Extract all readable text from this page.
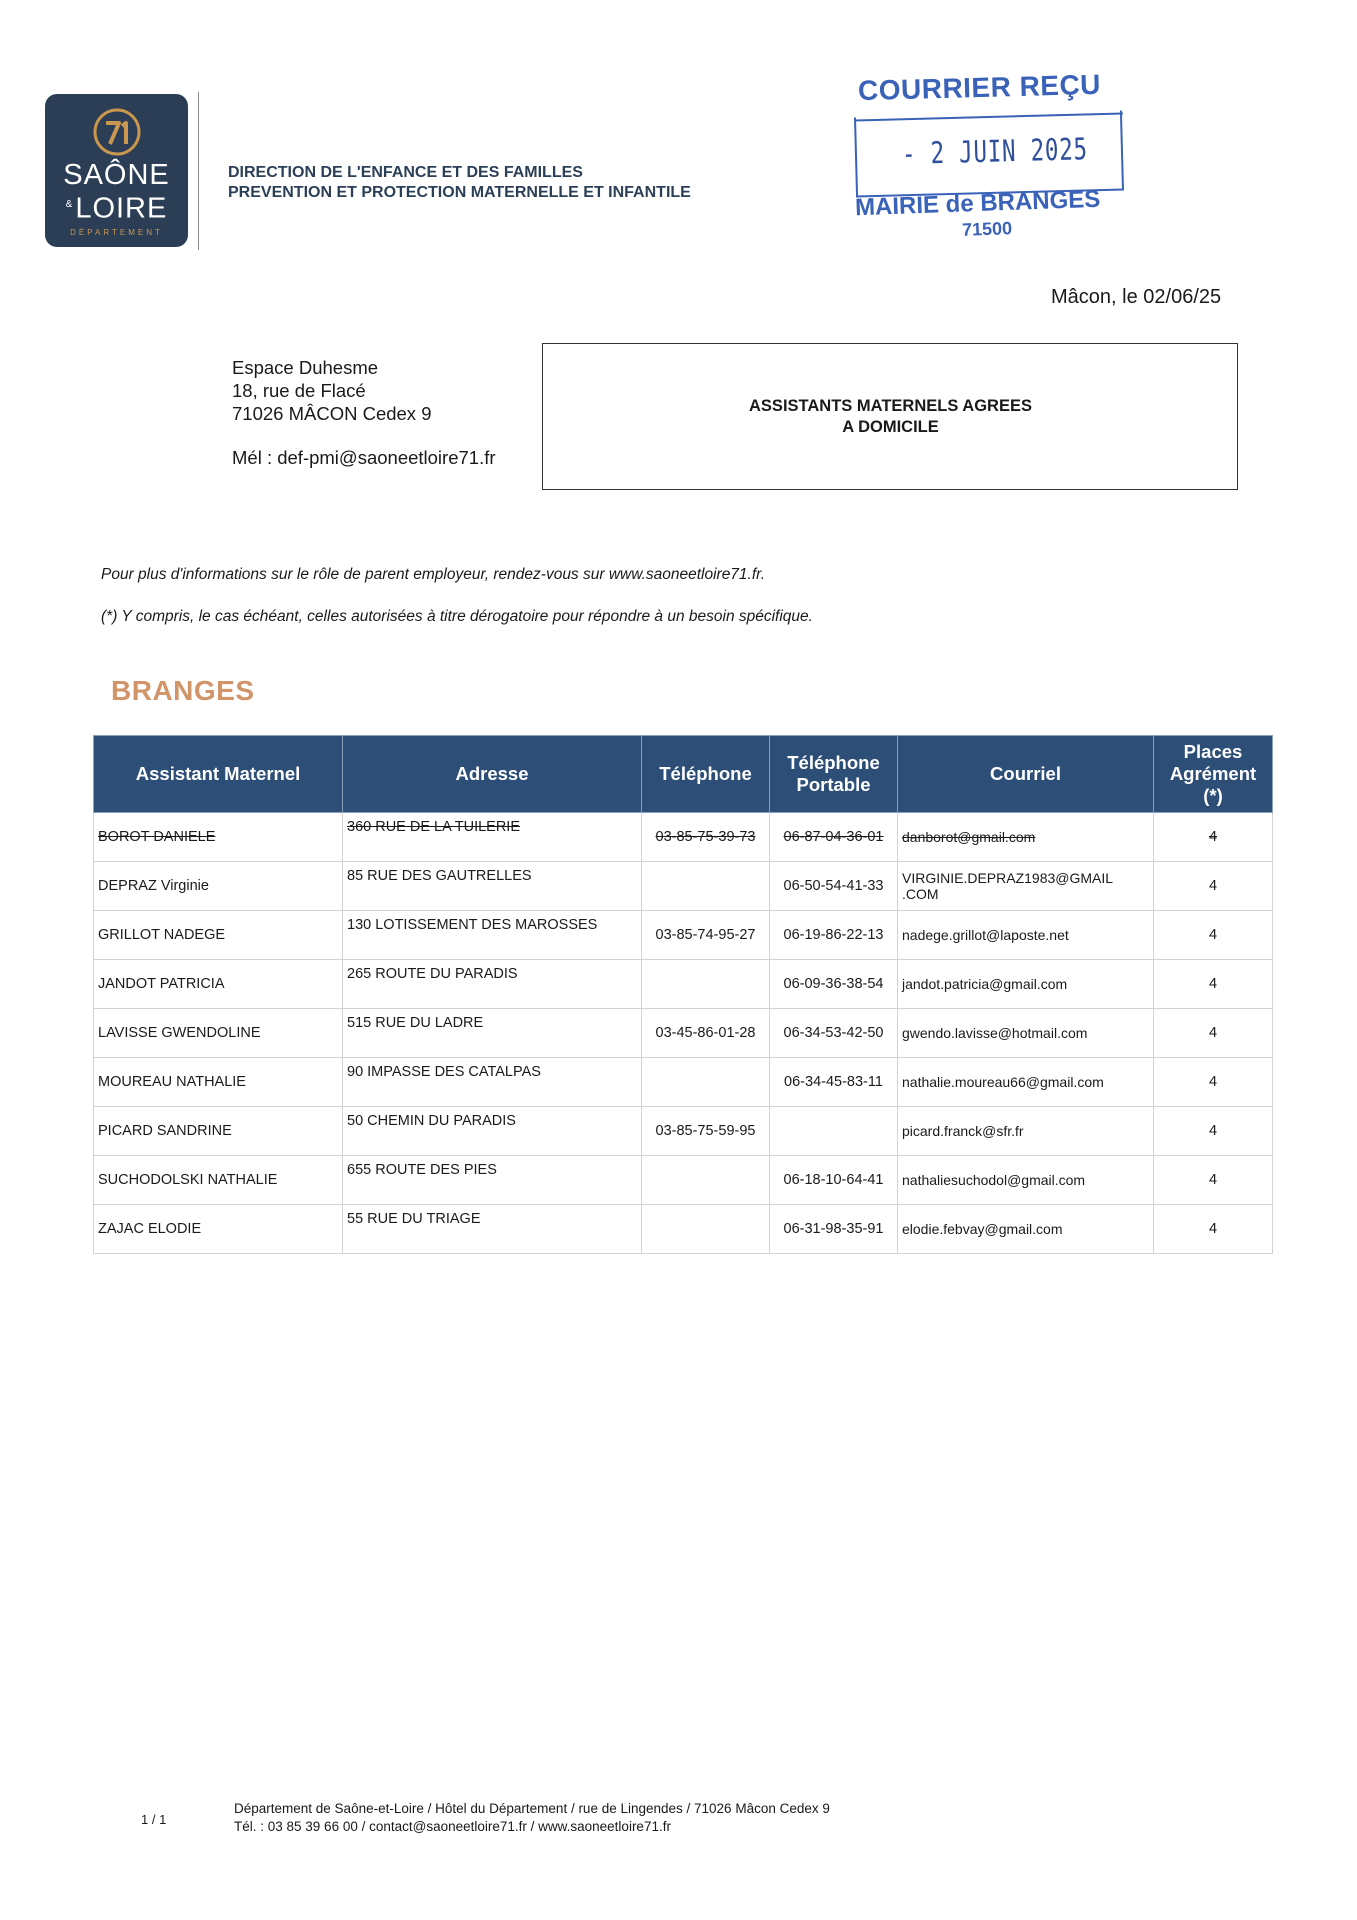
SAÔNE
&LOIRE
DÉPARTEMENT
DIRECTION DE L'ENFANCE ET DES FAMILLES
PREVENTION ET PROTECTION MATERNELLE ET INFANTILE
COURRIER REÇU
- 2 JUIN 2025
MAIRIE de BRANGES
71500
Mâcon, le 02/06/25
Espace Duhesme
18, rue de Flacé
71026 MÂCON Cedex 9
Mél : def-pmi@saoneetloire71.fr
ASSISTANTS MATERNELS AGREES
A DOMICILE
Pour plus d'informations sur le rôle de parent employeur, rendez-vous sur www.saoneetloire71.fr.
(*) Y compris, le cas échéant, celles autorisées à titre dérogatoire pour répondre à un besoin spécifique.
BRANGES
Assistant Maternel	Adresse	Téléphone	Téléphone Portable	Courriel	Places Agrément (*)
BOROT DANIELE	360 RUE DE LA TUILERIE	03-85-75-39-73	06-87-04-36-01	danborot@gmail.com	4
DEPRAZ Virginie	85 RUE DES GAUTRELLES		06-50-54-41-33	VIRGINIE.DEPRAZ1983@GMAIL .COM	4
GRILLOT NADEGE	130 LOTISSEMENT DES MAROSSES	03-85-74-95-27	06-19-86-22-13	nadege.grillot@laposte.net	4
JANDOT PATRICIA	265 ROUTE DU PARADIS		06-09-36-38-54	jandot.patricia@gmail.com	4
LAVISSE GWENDOLINE	515 RUE DU LADRE	03-45-86-01-28	06-34-53-42-50	gwendo.lavisse@hotmail.com	4
MOUREAU NATHALIE	90 IMPASSE DES CATALPAS		06-34-45-83-11	nathalie.moureau66@gmail.com	4
PICARD SANDRINE	50 CHEMIN DU PARADIS	03-85-75-59-95		picard.franck@sfr.fr	4
SUCHODOLSKI NATHALIE	655 ROUTE DES PIES		06-18-10-64-41	nathaliesuchodol@gmail.com	4
ZAJAC ELODIE	55 RUE DU TRIAGE		06-31-98-35-91	elodie.febvay@gmail.com	4
1 / 1
Département de Saône-et-Loire / Hôtel du Département / rue de Lingendes / 71026 Mâcon Cedex 9
Tél. : 03 85 39 66 00 / contact@saoneetloire71.fr / www.saoneetloire71.fr
